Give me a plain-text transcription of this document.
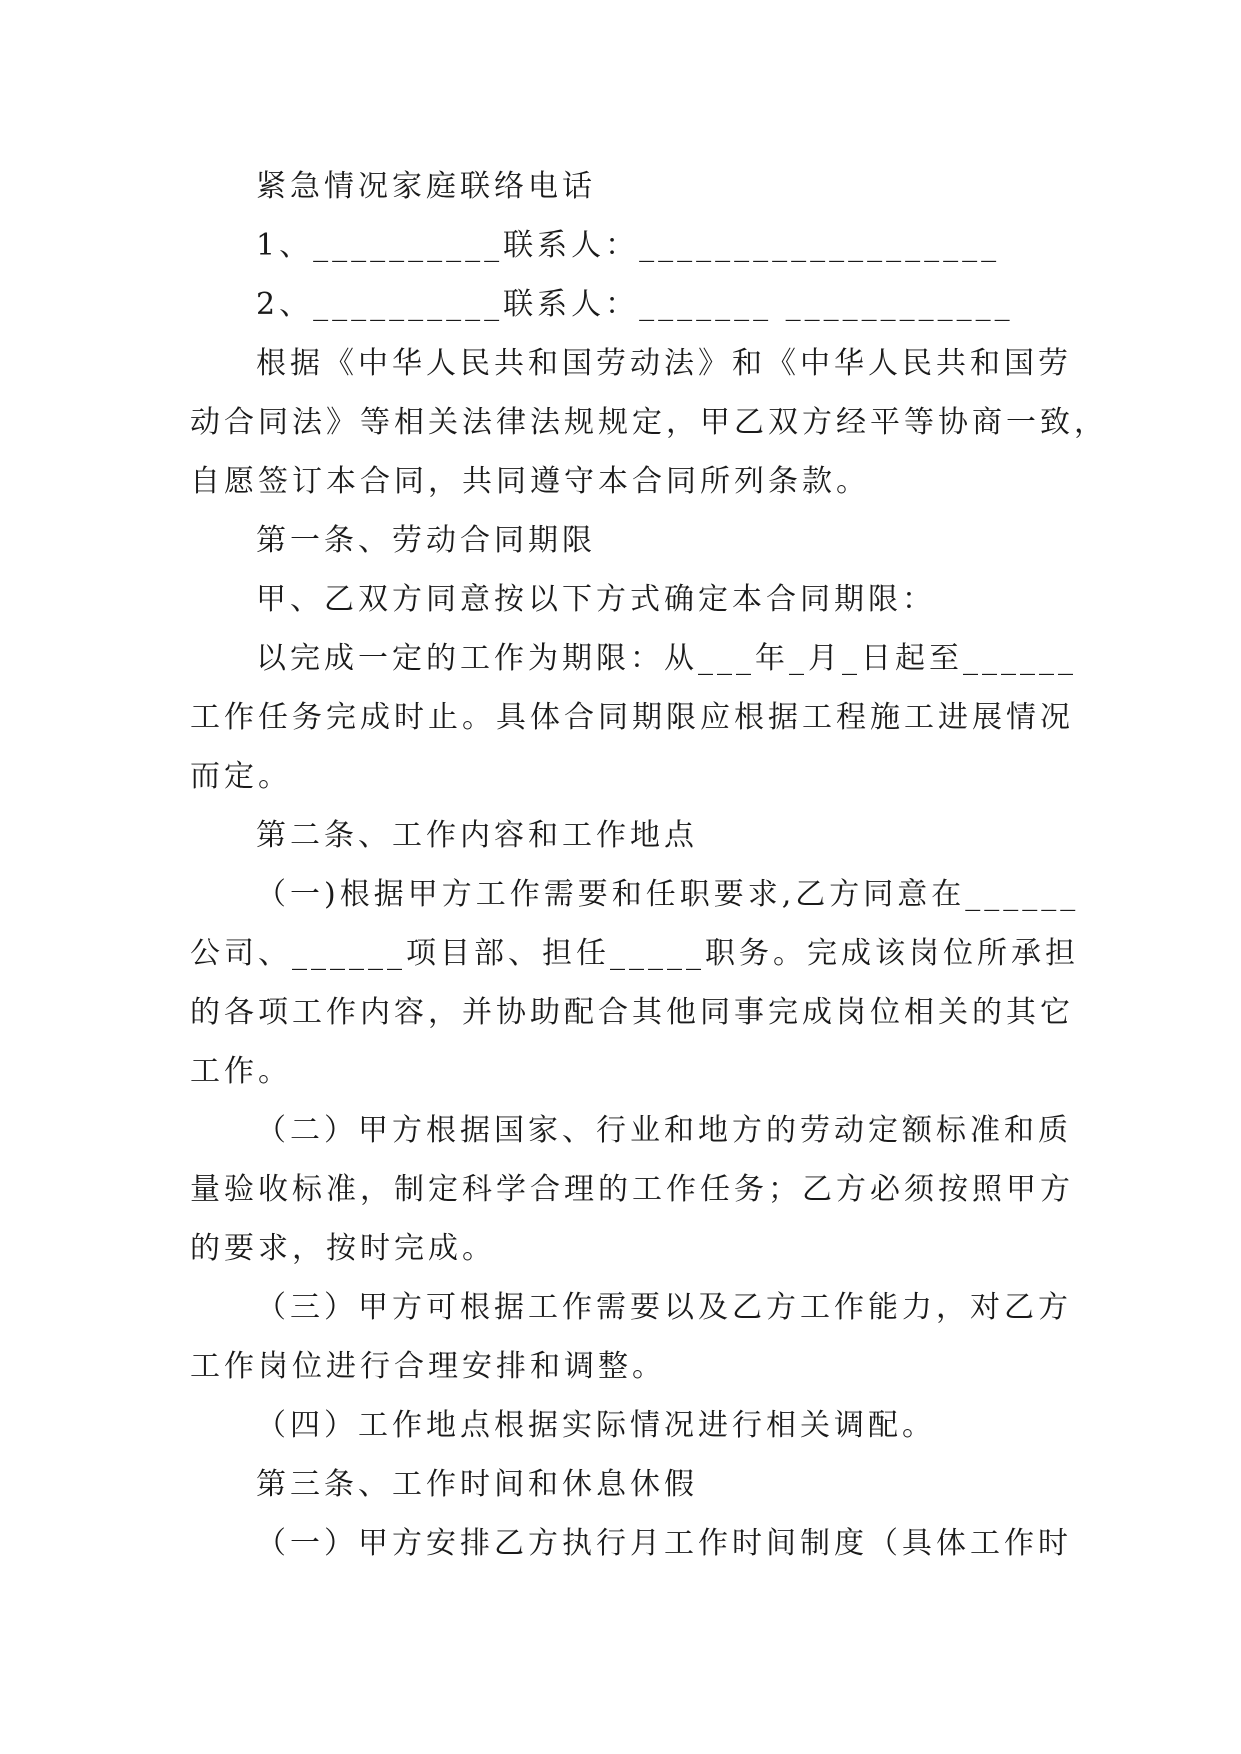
紧急情况家庭联络电话
1、__________联系人：___________________
2、__________联系人：_______ ____________
根据《中华人民共和国劳动法》和《中华人民共和国劳
动合同法》等相关法律法规规定，甲乙双方经平等协商一致，
自愿签订本合同，共同遵守本合同所列条款。
第一条、劳动合同期限
甲、乙双方同意按以下方式确定本合同期限：
以完成一定的工作为期限：从___年_月_日起至______
工作任务完成时止。具体合同期限应根据工程施工进展情况
而定。
第二条、工作内容和工作地点
（一)根据甲方工作需要和任职要求,乙方同意在______
公司、______项目部、担任_____职务。完成该岗位所承担
的各项工作内容，并协助配合其他同事完成岗位相关的其它
工作。
（二）甲方根据国家、行业和地方的劳动定额标准和质
量验收标准，制定科学合理的工作任务；乙方必须按照甲方
的要求，按时完成。
（三）甲方可根据工作需要以及乙方工作能力，对乙方
工作岗位进行合理安排和调整。
（四）工作地点根据实际情况进行相关调配。
第三条、工作时间和休息休假
（一）甲方安排乙方执行月工作时间制度（具体工作时
